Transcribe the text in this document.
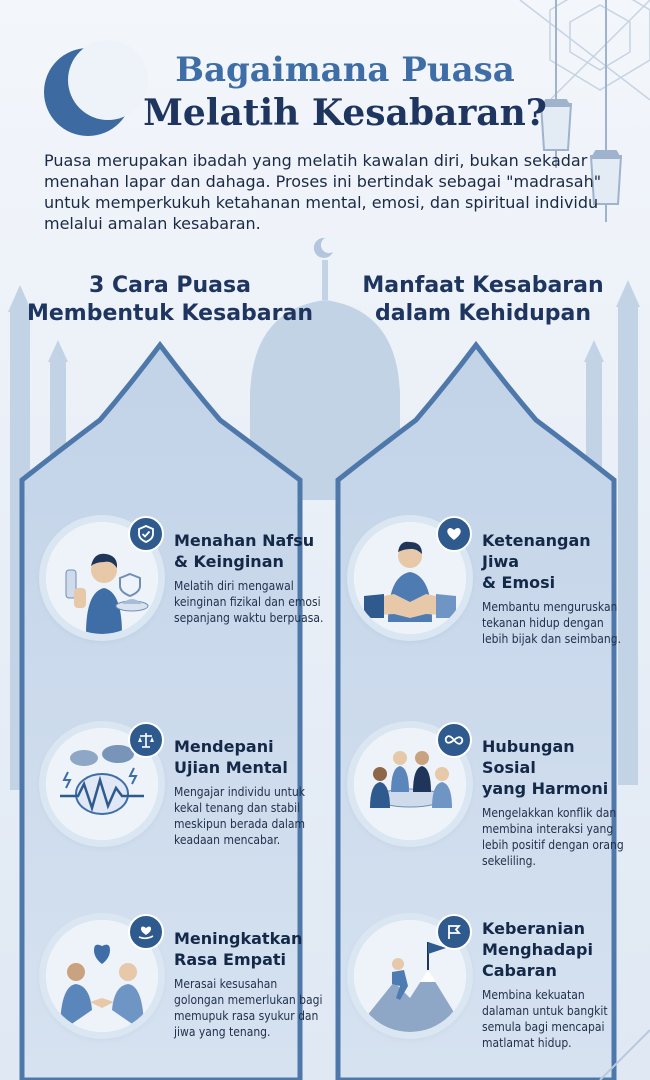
Bagaimana Puasa
Melatih Kesabaran?

Puasa merupakan ibadah yang melatih kawalan diri, bukan sekadar menahan lapar dan dahaga. Proses ini bertindak sebagai "madrasah" untuk memperkukuh ketahanan mental, emosi, dan spiritual individu melalui amalan kesabaran.

3 Cara Puasa
Membentuk Kesabaran
Manfaat Kesabaran
dalam Kehidupan

Menahan Nafsu
& Keinginan

Melatih diri mengawal keinginan fizikal dan emosi sepanjang waktu berpuasa.

Mendepani
Ujian Mental

Mengajar individu untuk kekal tenang dan stabil meskipun berada dalam keadaan mencabar.

Meningkatkan
Rasa Empati

Merasai kesusahan golongan memerlukan bagi memupuk rasa syukur dan jiwa yang tenang.

Ketenangan Jiwa
& Emosi

Membantu menguruskan tekanan hidup dengan lebih bijak dan seimbang.

Hubungan Sosial
yang Harmoni

Mengelakkan konflik dan membina interaksi yang lebih positif dengan orang sekeliling.

Keberanian
Menghadapi
Cabaran

Membina kekuatan dalaman untuk bangkit semula bagi mencapai matlamat hidup.
